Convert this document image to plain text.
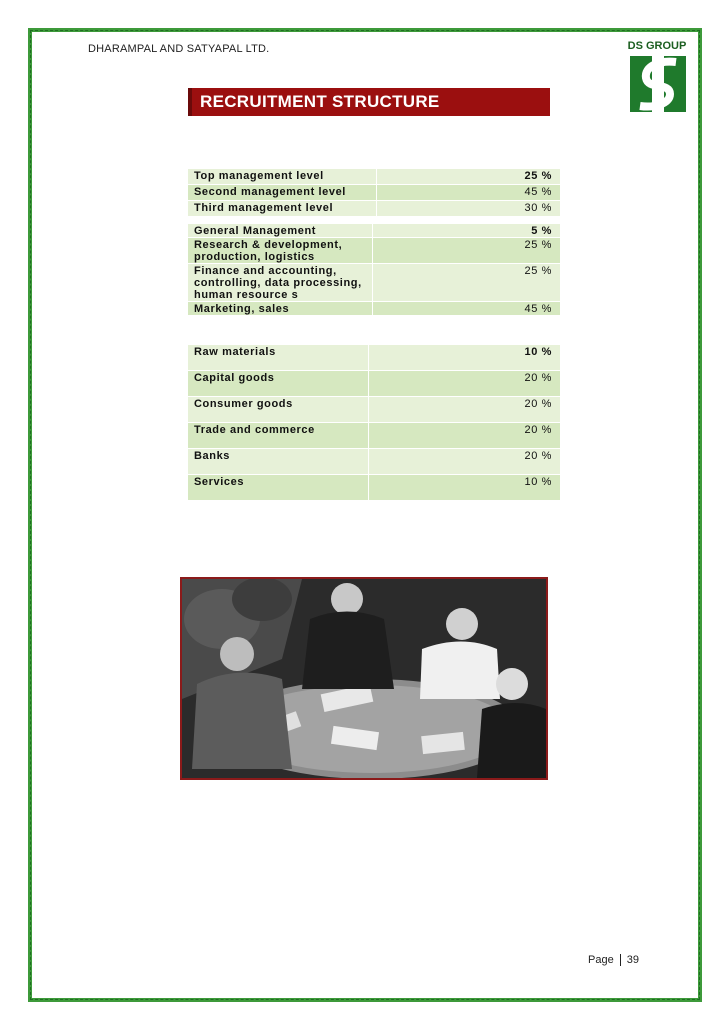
DHARAMPAL AND SATYAPAL LTD.	DS GROUP
RECRUITMENT STRUCTURE
Top management level	25 %
Second management level	45 %
Third management level	30 %
General Management	5 %
Research & development, production, logistics	25 %
Finance and accounting, controlling, data processing, human resource s	25 %
Marketing, sales	45 %
Raw materials	10 %
Capital goods	20 %
Consumer goods	20 %
Trade and commerce	20 %
Banks	20 %
Services	10 %
Page 39
